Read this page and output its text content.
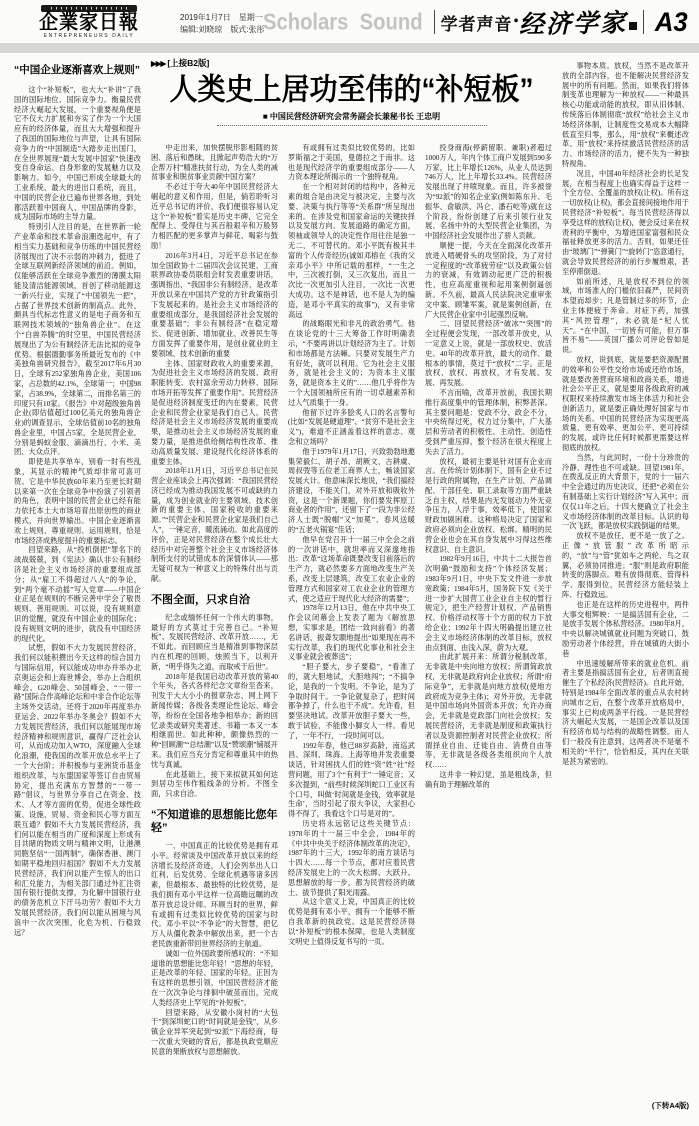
企業家日報
ENTREPRENEURS DAILY
2019年1月7日　星期一
编辑:刘晓琼　版式:张彤
Scholars  Sound 学者声音 • 经济学家 A3
“中国企业逐渐喜欢上规则”

这个“补短板”，也大大“补讲”了我国的国际地位、国际竞争力。衡量民营经济大崛起大发展，一个重要视角便是它不仅大力扩展和夯实了作为一个大国应有的经济体量，而且大大增强和提升了我国的国际地位与声望，让具有国际竞争力的“中国制造”大踏步走出国门，在全世界展现“最大发展中国家”快速改变自身命运、自身形象的发展魅力以及影响力。如今，中国已形成全球最大的工业系统、最大的进出口系统，而且，中国的民营企业已遍布世界各地，到处都活跃着中国商人、中国品牌的身影，成为国际市场的主导力量。

特别引人注目的是，在世界新一轮产业革命和技术革命浪潮迭起中，有了相当实力基础和竞争历练的中国民营经济展现出了决不示弱的冲刺力，挺进了全球互联网新经济领域的前沿。例如，仅能够活跃在全球竞争激烈的薄膜太阳能及清洁能源领域，首创了移动能源这一新兴行业，实现了“中国领先一把”，占据了世界技术创新的制高点。此外，颇具当代标志性意义的是电子商务和互联网技术领域的“独角兽企业”。在这个“白兽养腾”的时空里，中国民营经济展现出了为公有制经济无法比拟的竞争优势。根据德勤事务所最近发布的《中美独角兽研究报告》，截至2017年6月30日，全球有252家独角兽企业，美国106家，占总数的42.1%，全球第一；中国98家，占38.9%，全球第二，而排名第三的印度只有10家。《报告》中对超级独角兽企业(即估值超过100亿美元的独角兽企业)的调查显示，全球估值前10名的独角兽企业里，中国占5家，全是民营企业，分别是蚂蚁金服、滴滴出行、小米、美团、大众点评。

即使是共享单车，别看一时有些乱象，其显示的精神气质却非常可喜可贺。它是中华民族60年来乃至更长时期以来第一次在全球竞争中扮演了引领者的角色，表明中国的民营企业已经有能力依托本土大市场培育出原创性的商业模式，并向世界输出。中国企业逐渐喜欢上规则、尊重规则、运用规则，恰是市场经济成熟度提升的重要标志。

回望来路，从“投机倒把”罪名下的战战兢兢，到《宪法》确认非公有制经济是社会主义市场经济的重要组成部分；从“雇工不得超过八人”的争论，到“两个毫不动摇”写入党章——中国企业正是在规则的不断完善中学会了敬畏规则、善用规则。可以说，没有规则意识的觉醒，就没有中国企业的国际化；没有规则文明的进步，就没有中国经济的现代化。

试想，假如不大力发展民营经济，我们何以能积攒出今天这样的综合国力与国际信用，何以能成功申办并举办北京奥运会和上海世博会，举办上合组织峰会、G20峰会、50国峰会、“一带一路”国际合作高峰论坛和中非合作论坛等主场外交活动，还将于2020年再度举办亚运会、2022年举办冬奥会？假如不大力发展民营经济，我们何以能展现市场经济精神和规则意识，赢得广泛社会认可，从而成功加入WTO，深度融入全球化浪潮，使我国的改革开放总水平上了一个大台阶；并积极参与亚洲货币基金组织改革，与东盟国家等签订自由贸易协定，提出充满东方智慧的“一带一路”倡议，与世界分享自己在资金、技术、人才等方面的优势，促进全球性政策、设施、贸易、资金和民心等方面互联互通？假如不大力发展民营经济，我们何以能在相当的广度和深度上形成有目共睹的物质文明与精神文明，让港澳同胞坚信“一国两制”，确保香港、澳门如期平稳地回归祖国？假如不大力发展民营经济，我们何以能产生惊人的出口和汇兑能力，为相关部门通过外汇注资国有银行提供支撑，为化解中国银行业的债务危机立下汗马功劳？假如不大力发展民营经济，我们何以能从困境与风浪中一次次突围，化危为机、行稳致远？

▶▶▶ [上接B2版]
人类史上居功至伟的“补短板”
■ 中国民营经济研究会常务副会长兼秘书长 王忠明

中走出来，加快摆脱形影相随的贫困、落后和愚昧，且掀起声势浩大的“万企帮万村”精准扶贫行动，为全人类的减贫事业和脱贫事业贡献中国方案？

不必过于夸大40年中国民营经济大崛起的意义和作用，但是，倘若聆听习近平总书记的评价，我们便很容易认定这个“补短板”着实是历史丰碑，它完全配得上、受得住与其百般艰辛和万般努力相匹配的更多掌声与鲜花、喝彩与鼓励！

2016年3月4日，习近平总书记在参加全国政协十二届四次会议民建、工商联界政协委员联组会时发表重要讲话，强调指出，“我国非公有制经济，是改革开放以来在中国共产党的方针政策指引下发展起来的，是社会主义市场经济的重要组成部分，是我国经济社会发展的重要基础”；非公有制经济“在稳定增长、促进创新、增加就业、改善民生等方面发挥了重要作用，是创业就业的主要领域、技术创新的重要

主体、国家财政收入的重要来源，为促进社会主义市场经济的发展、政府职能转变、农村富余劳动力转移、国际市场开拓等发挥了重要作用”。民营经济是促进经济制度变迁的内在要素，民营企业和民营企业家是我们自己人。民营经济是社会主义市场经济发展的重要成果，是推动社会主义市场经济发展的重要力量，是推进供给侧结构性改革、推动高质量发展、建设现代化经济体系的重要主体。

2018年11月1日，习近平总书记在民营企业座谈会上再次强调：“我国民营经济已经成为推动我国发展不可或缺的力量，成为创业就业的主要领域、技术创新的重要主体、国家税收的重要来源。”“民营企业和民营企业家是我们自己人”，一锤定音，暖流涌动。如此高度的评价，正是对民营经济在整个成长壮大经历中对完善整个社会主义市场经济体制所支付的试错成本的深情体认——那无疑可视为一种意义上的特殊付出与贡献。

不图全面，只求自洽

纪念或缅怀任何一个伟大的事物，最好的方式莫过于完善自己。“补短板”、发展民营经济、改革开放……，无不如此。而回顾应当是精准到事物深层内在机理的回顾，烛照当下，以利开新，“明乎得失之道，而取戒于后世”。

2018年是我国启动改革开放的第40个年头，各式各样纪念文章纷至沓来，刊发于大大小小的报章杂志、网上网下新闻传媒；各级各类理论性论坛、峰会等，纷纷在全国各地争相举办；新的回忆录类或研究类著述、书籍一本又一本相继面世。如此种种，颇像热烈的一种“回顾潮”“总结潮”以及“赞颂潮”铺展开来。我们应当充分肯定和尊重其中的热忱与真诚。

在此基础上，接下来拟就其如何达到居功至伟作粗线条的分析。不图全面，只求自洽。

“不知道谁的思想能比您年轻”

一、中国真正的比较优势是拥有邓小平。经常谈及中国改革开放以来的经济增长及经济奇迹，人们会列举出人口红利、后发优势、全球化机遇等诸多因素，但最根本、最独特的比较优势，是我们拥有邓小平这样一位高瞻远瞩的改革开放总设计师。环顾当时的世界，鲜有或拥有过类似比较优势的国家与时代。邓小平以“不争论”的大智慧，把亿万人从僵化教条中解放出来，把一个古老民族重新带回世界经济的主航道。

诚如一位外国政要所感叹的：“不知道谁的思想能比您年轻！”思想的年轻，正是改革的年轻、国家的年轻。正因为有这样的思想引领，中国民营经济才能在一次次争论与徘徊中破茧而出，完成人类经济史上罕见的“补短板”。

回望来路，从安徽小岗村的“大包干”到深圳蛇口的“时间就是金钱”，从乡镇企业异军突起到“92派”下海经商，每一次重大突破的背后，都是执政党顺应民意的果断放权与思想解放。

有或拥有过类似比较优势的，比如罗斯福之于美国，曼德拉之于南非。这也是现代经济学的重要组成部分——人力资本理论所揭示的一个独特视角。

在一个相对封闭的结构中，各种元素的组合是由决定与被决定、主要与次要、决策与执行等等“关系群”所呈现出来的。在涉及党和国家命运的关键抉择以及发展方向、发展道路的确定方面，领袖或领导人的决定性作用往往是独一无二、不可替代的。邓小平既有极其丰富的个人传奇经历(诚如邓榕在《我的父亲邓小平》中所记载的那样，“一生之中，三次被打倒，又三次复出，而且一次比一次更加引人注目，一次比一次更大成功。这不是神话，也不是人为的编造，是邓小平真实的故事”)，又有非常高远

的战略眼光和非凡的政治勇气。他在谈论党的十三大筹备工作时明确表示，“不要再讲以计划经济为主了。计划和市场都是方法嘛。只要对发展生产力有好处，就可以利用。它为社会主义服务，就是社会主义的；为资本主义服务，就是资本主义的”……他几乎将作为一个大国领袖所应有的一切卓越素养和过人气质集于一身。

他留下过许多脍炙人口的名言警句(比如“发展是硬道理”、“贫穷不是社会主义”)，难道不正涵盖着这样的意志、观念和立场吗？

他于1979年1月17日，兴致勃勃地邀集荣毅仁、胡子昂、胡厥文、古耕虞、周叔弢等五位老工商界人士，畅谈国家发展大计。他意味深长地说，“我们搞经济建设，不能关门，对外开放和吸收外资，这是一个新课题，你们要发挥原工商业者的作用”，还留下了一段为非公经济人士既“脱帽”又“加冕”、春风送暖的“五老火锅宴”佳话；

他早在党召开十一届三中全会之前的一次讲话中，就坦率而又深邃地指出：改革“这场革命既要改变目前落后的生产力，就必然要多方面地改变生产关系，改变上层建筑，改变工农业企业的管理方式和国家对工农业企业的管理方式，使之适应于现代化大经济的需要”；

1978年12月13日，他在中共中央工作会议闭幕会上发表了题为《解放思想，实事求是，团结一致向前看》的著名讲话，振聋发聩地提出“如果现在再不实行改革，我们的现代化事业和社会主义事业就会被葬送”；

“胆子要大，步子要稳”，“看准了的，就大胆地试，大胆地闯”；“不搞争论，是我的一个发明。不争论，是为了争取时间干。一争论就复杂了，把时间都争掉了，什么也干不成”。允许看，但要坚决地试。改革开放胆子要大一些，敢于试验，不能像小脚女人一样。看见了，一年不行，一段时间可以。

1992年春，他已88岁高龄，南巡武昌、深圳、珠海、上海等地并发表重要谈话，针对困扰人们的姓“资”姓“社”经营问题，用了3个“有利于”一锤定音；又多次提到，“前些时候深圳蛇口工业区有个口号，叫做‘时间就是金钱，效率就是生命’，当时引起了很大争议，大家担心得不得了，我看这个口号是对的”。

历史将永远铭记这些关键节点：1978年的十一届三中全会，1984年的《中共中央关于经济体制改革的决定》，1987年的十三大，1992年的南方谈话与十四大……每一个节点，都对应着民营经济发展史上的一次大松绑、大跃升。思想解放的每一步，都为民营经济的破土、拔节提供了阳光雨露。

从这个意义上说，中国真正的比较优势是拥有邓小平，拥有一个能够不断自我革新的执政党。这是民营经济得以“补短板”的根本保障，也是人类制度文明史上值得反复书写的一页。

投身商海(停薪留职、兼职)者超过1000万人，年内个体工商户发展到590多万家，比上年增长126%，从业人员达到746万人，比上年增长33.4%。民营经济发展出现了井喷现象。而且，许多被誉为“92派”的知名企业家(例如陈东升、毛振华、俞敏洪、冯仑、潘石屹等)就在这个阶段，纷纷创建了后来引领行业发展、名扬中外的大型民营企业集团，为中国经济社会发展作出了骄人贡献。

顺便一提，今天在全面深化改革开放进入啃硬骨头的攻坚阶段，为了对付一定程度的“改革疲劳症”以及政策公信力的衰减，有效调动起更广泛的积极性，也应高度重视和起用案例倒逼创新。不久前，最高人民法院决定重审张文中案、顾雏军案，就是案例创新，在广大民营企业家中引起强烈反响。

二、回望民营经济“破冰”“突围”的全过程便会发现，一部改革开放史，从一定意义上说，就是一部放权史、放活史。40年的改革开放，最大的动作、最根本的事情，莫过于“放权”二字。正是放权、放权、再放权，才有发展、发展、再发展。

不言而喻，改革开放前，我国长期推行高度集中的管理体制，积弊甚深。其主要问题是：党政不分、政企不分，中央统得过死，权力过分集中，广大基层和劳动者的积极性、主动性、创造性受到严重压抑，整个经济在很大程度上失去了活力。

放权，最初主要是针对国有企业而言。在传统计划体制下，国有企业不过是行政的附属物，在生产计划、产品调配、干部任免、职工录取等方面严重缺乏自主权，结果是内无发展动力外无竞争压力，人浮于事，效率低下，使国家财政加剧困难。这种格局决定了国家和政府必须向企业放权、松绑。精明的民营企业也会在其自身发展中习得这些维权意识、自主意识。

1982年9月16日，中共十二大报告首次明确“鼓励和支持”个体经济发展；1983年9月1日，中央下发文件进一步放宽政策；1984年5月，国务院下发《关于进一步扩大国营工业企业自主权的暂行规定》，把生产经营计划权、产品销售权、价格浮动权等十个方面的权力下放给企业；1992年十四大明确提出建立社会主义市场经济体制的改革目标，放权由点到面、由浅入深，蔚为大观。

由此扩展开来：所谓分税制改革，无非就是中央向地方放权；所谓简政放权，无非就是政府向企业放权；所谓“府际竞争”，无非就是向地方放权(使地方政府成为竞争主体)；对外开放，无非就是中国市场向外国资本开放；允许办商会，无非就是党政部门向社会放权；发展民营经济，无非就是制度和政策执行者以及资源控制者对民营企业放权；所谓择业自由、迁徙自由、消费自由等等，无非就是各级各类组织向个人放权……

这并非一种幻觉，虽是粗线条，但确有助于理解改革的

事物本质。放权，当然不是改革开放的全部内容，也不能解决民营经济发展中的所有问题。然而，如果我们将体制变革也理解为一种放权——一种最具核心功能或动能的放权，即从旧体制、传统落后体制彻底“放权”给社会主义市场经济体制，让制度性交易成本大幅降低直至归零，那么，用“放权”来概述改革、用“放权”来持续激活民营经济的活力、市场经济的活力，便不失为一种独特视角。

况且，中国40年经济社会的长足发展，在相当程度上也确实得益于这样一个全方位、全覆盖的放权(让权)。所有这一切放权(让权)，都会直接间接地作用于民营经济“补短板”。每当民营经济得以享受这样的放权(让权)，便会反过来在权责利的平衡中，为增进国家富强和民众福祉释放更多的活力。否则，如果还任由“玻璃门”“弹簧门”“旋转门”恣意通行，就会导致民营经济的前行步履维艰，甚至停滞倒退。

如前所述，凡是放权不到位的领域，市场准入的门槛依旧森严，民间资本望而却步；凡是管制过多的环节，企业主体便疲于奔命。对症下药，加强其“风控管理”，未必就是“杞人忧天”。“在中国，一切皆有可能，但万事皆不易”——英国广播公司评论曾如是说。

放权，说到底，就是要把资源配置的效率和公平性交给市场或还给市场，就是要改善营商环境和政商关系，增进社会公平正义，就是要用各级政府的减权限权来持续激发市场主体活力和社会创新活力，就是要正确处理好国家与市场的关系。中国的民营经济为实现更高质量、更有效率、更加公平、更可持续的发展，或许比任何时候都更需要这样彻底的放权。

当然，与此同时，一份十分珍贵的冷静、理性也不可或缺。回望1981年，在拨乱反正的大背景下，党的十一届六中全会通过的历史决议，还把“必须在公有制基础上实行计划经济”写入其中；而仅仅11年之后，十四大便确立了社会主义市场经济体制的改革目标。认识的每一次飞跃，都是放权实践倒逼的结果。

放权不是放任，更不是一放了之。正像“放管服”改革所昭示的，“放”与“管”犹如车之两轮、鸟之双翼，必须协同推进；“服”则是政府职能转变的落脚点。唯有放得彻底、管得科学、服得到位，民营经济方能轻装上阵、行稳致远。

也正是在这样的历史进程中，两件大事交相辉映：一是搞活国有企业，二是放手发展个体私营经济。1980年8月，中央以解决城镇就业问题为突破口，鼓励劳动者个体经营，并在城镇的大街小巷

中迅速缓解所带来的就业危机。前者主要是指搞活国有企业，后者则直接催生了个私经济(民营经济)。自此开始，特别是1984年全面改革的重点从农村转向城市之后，在整个改革开放格局中，事实上已构成两条平行线。一是民营经济大崛起大发展，一是国企改革以及国有经济布局与结构的战略性调整。而人们一般没有注意到，这两者决不是毫不相关的“平行”，恰恰相反，其内在关联是甚为紧密的。

(下转A4版)
